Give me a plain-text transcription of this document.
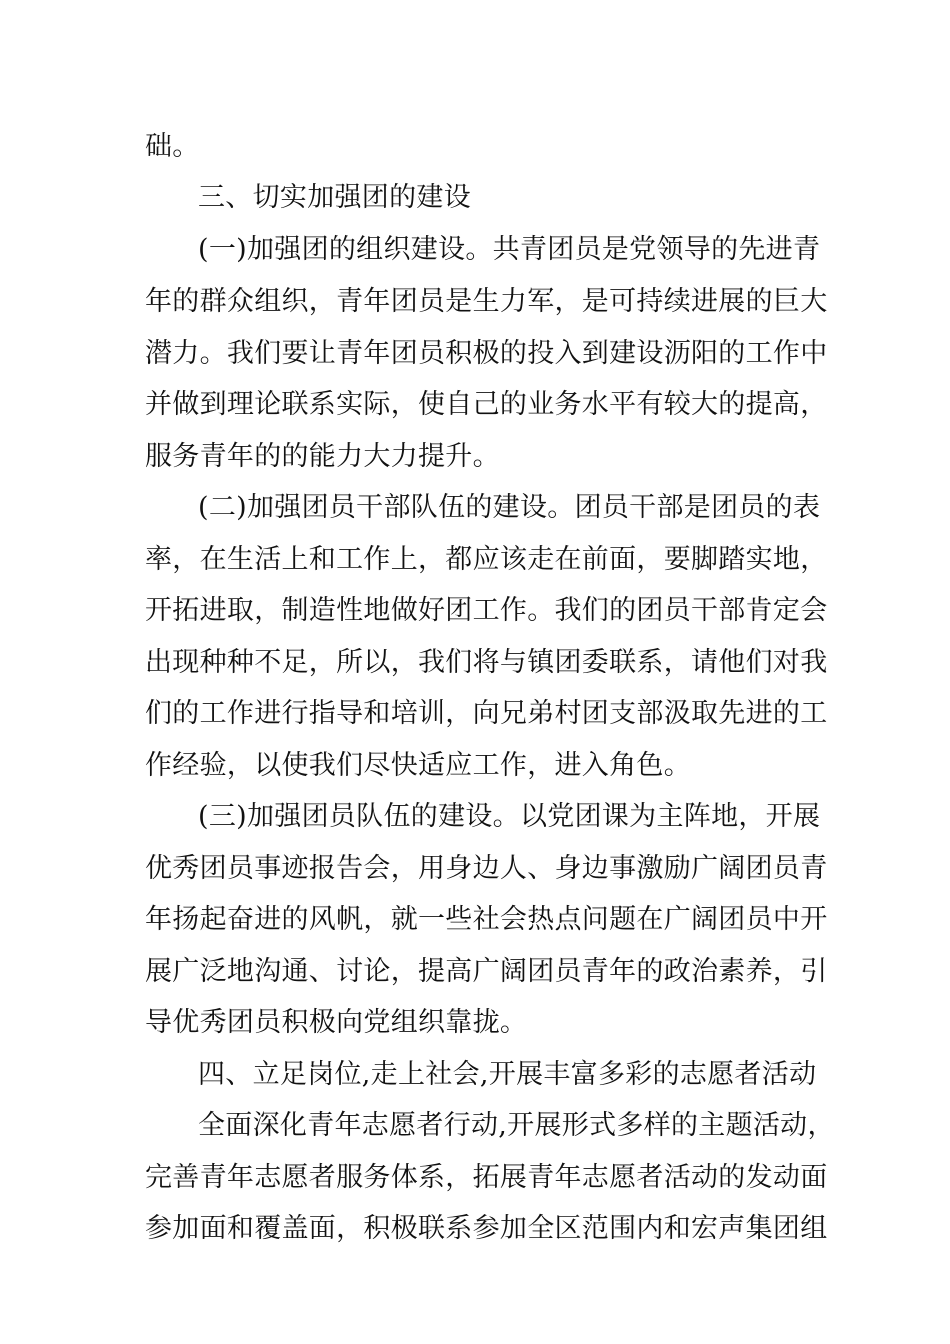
础。
三、切实加强团的建设
(一)加强团的组织建设。共青团员是党领导的先进青
年的群众组织，青年团员是生力军，是可持续进展的巨大
潜力。我们要让青年团员积极的投入到建设沥阳的工作中
并做到理论联系实际，使自己的业务水平有较大的提高，
服务青年的的能力大力提升。
(二)加强团员干部队伍的建设。团员干部是团员的表
率，在生活上和工作上，都应该走在前面，要脚踏实地，
开拓进取，制造性地做好团工作。我们的团员干部肯定会
出现种种不足，所以，我们将与镇团委联系，请他们对我
们的工作进行指导和培训，向兄弟村团支部汲取先进的工
作经验，以使我们尽快适应工作，进入角色。
(三)加强团员队伍的建设。以党团课为主阵地，开展
优秀团员事迹报告会，用身边人、身边事激励广阔团员青
年扬起奋进的风帆，就一些社会热点问题在广阔团员中开
展广泛地沟通、讨论，提高广阔团员青年的政治素养，引
导优秀团员积极向党组织靠拢。
四、立足岗位,走上社会,开展丰富多彩的志愿者活动
全面深化青年志愿者行动,开展形式多样的主题活动，
完善青年志愿者服务体系，拓展青年志愿者活动的发动面
参加面和覆盖面，积极联系参加全区范围内和宏声集团组
